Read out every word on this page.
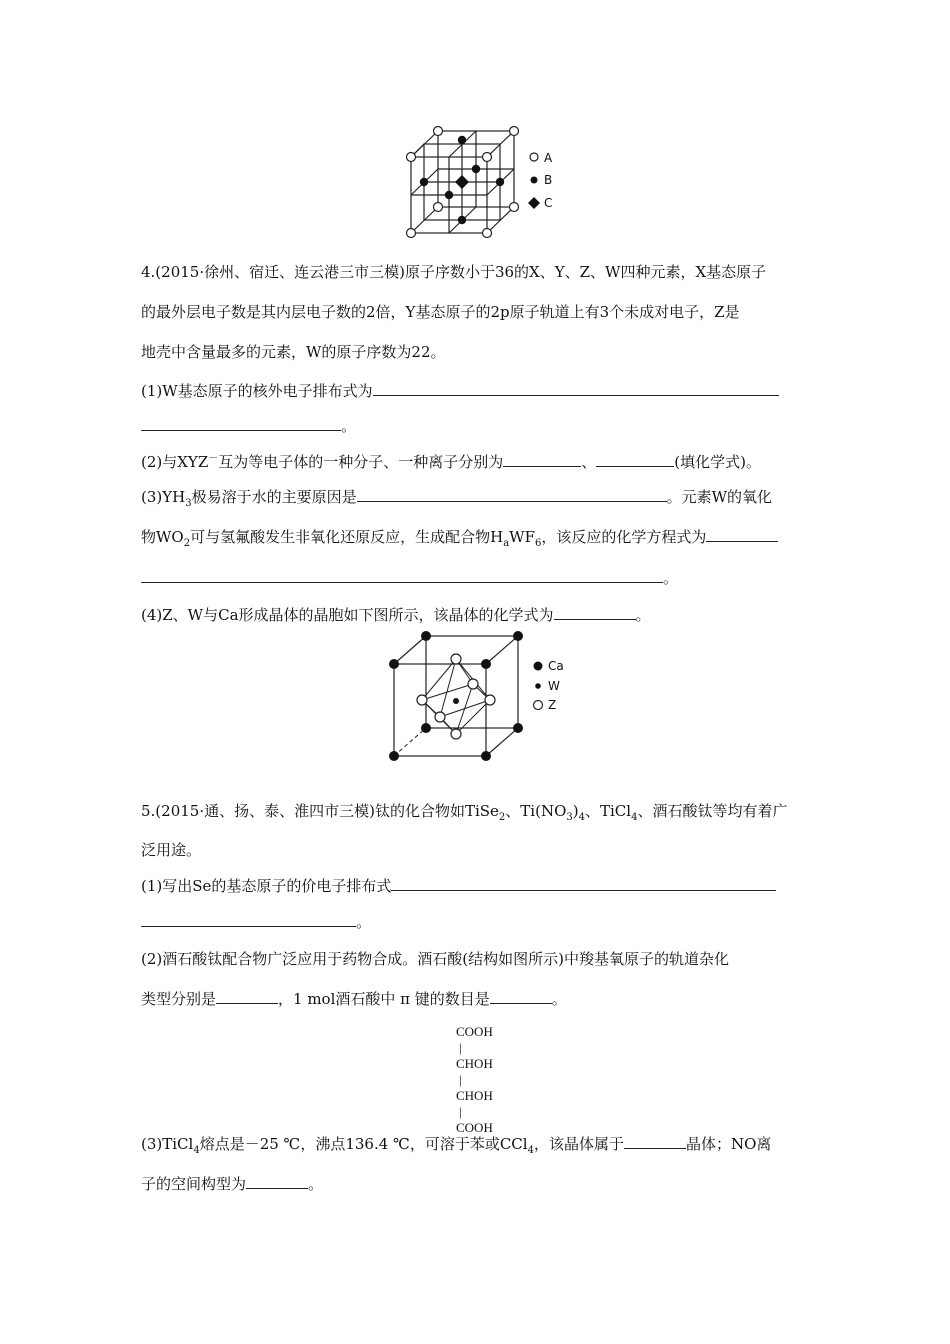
A
B
C
4.(2015·徐州、宿迁、连云港三市三模)原子序数小于36的X、Y、Z、W四种元素，X基态原子
的最外层电子数是其内层电子数的2倍，Y基态原子的2p原子轨道上有3个未成对电子，Z是
地壳中含量最多的元素，W的原子序数为22。
(1)W基态原子的核外电子排布式为
。
(2)与XYZ－互为等电子体的一种分子、一种离子分别为	、	(填化学式)。
$(3)YH_3$极易溶于水的主要原因是	。元素W的氧化
物$WO_2$可与氢氟酸发生非氧化还原反应，生成配合物$H_aWF_6$，该反应的化学方程式为
。
(4)Z、W与Ca形成晶体的晶胞如下图所示，该晶体的化学式为	。
Ca
W
Z
5.(2015·通、扬、泰、淮四市三模)钛的化合物如TiSe$_2$、$Ti(NO_3)_4$、TiCl$_4$、酒石酸钛等均有着广
泛用途。
(1)写出Se的基态原子的价电子排布式
。
(2)酒石酸钛配合物广泛应用于药物合成。酒石酸(结构如图所示)中羧基氧原子的轨道杂化
类型分别是	，1 mol酒石酸中 π 键的数目是	。
COOH
|
CHOH
|
CHOH
|
COOH
(3)TiCl$_4$熔点是－25 ℃，沸点136.4 ℃，可溶于苯或CCl$_4$，该晶体属于	晶体；NO离
子的空间构型为	。
